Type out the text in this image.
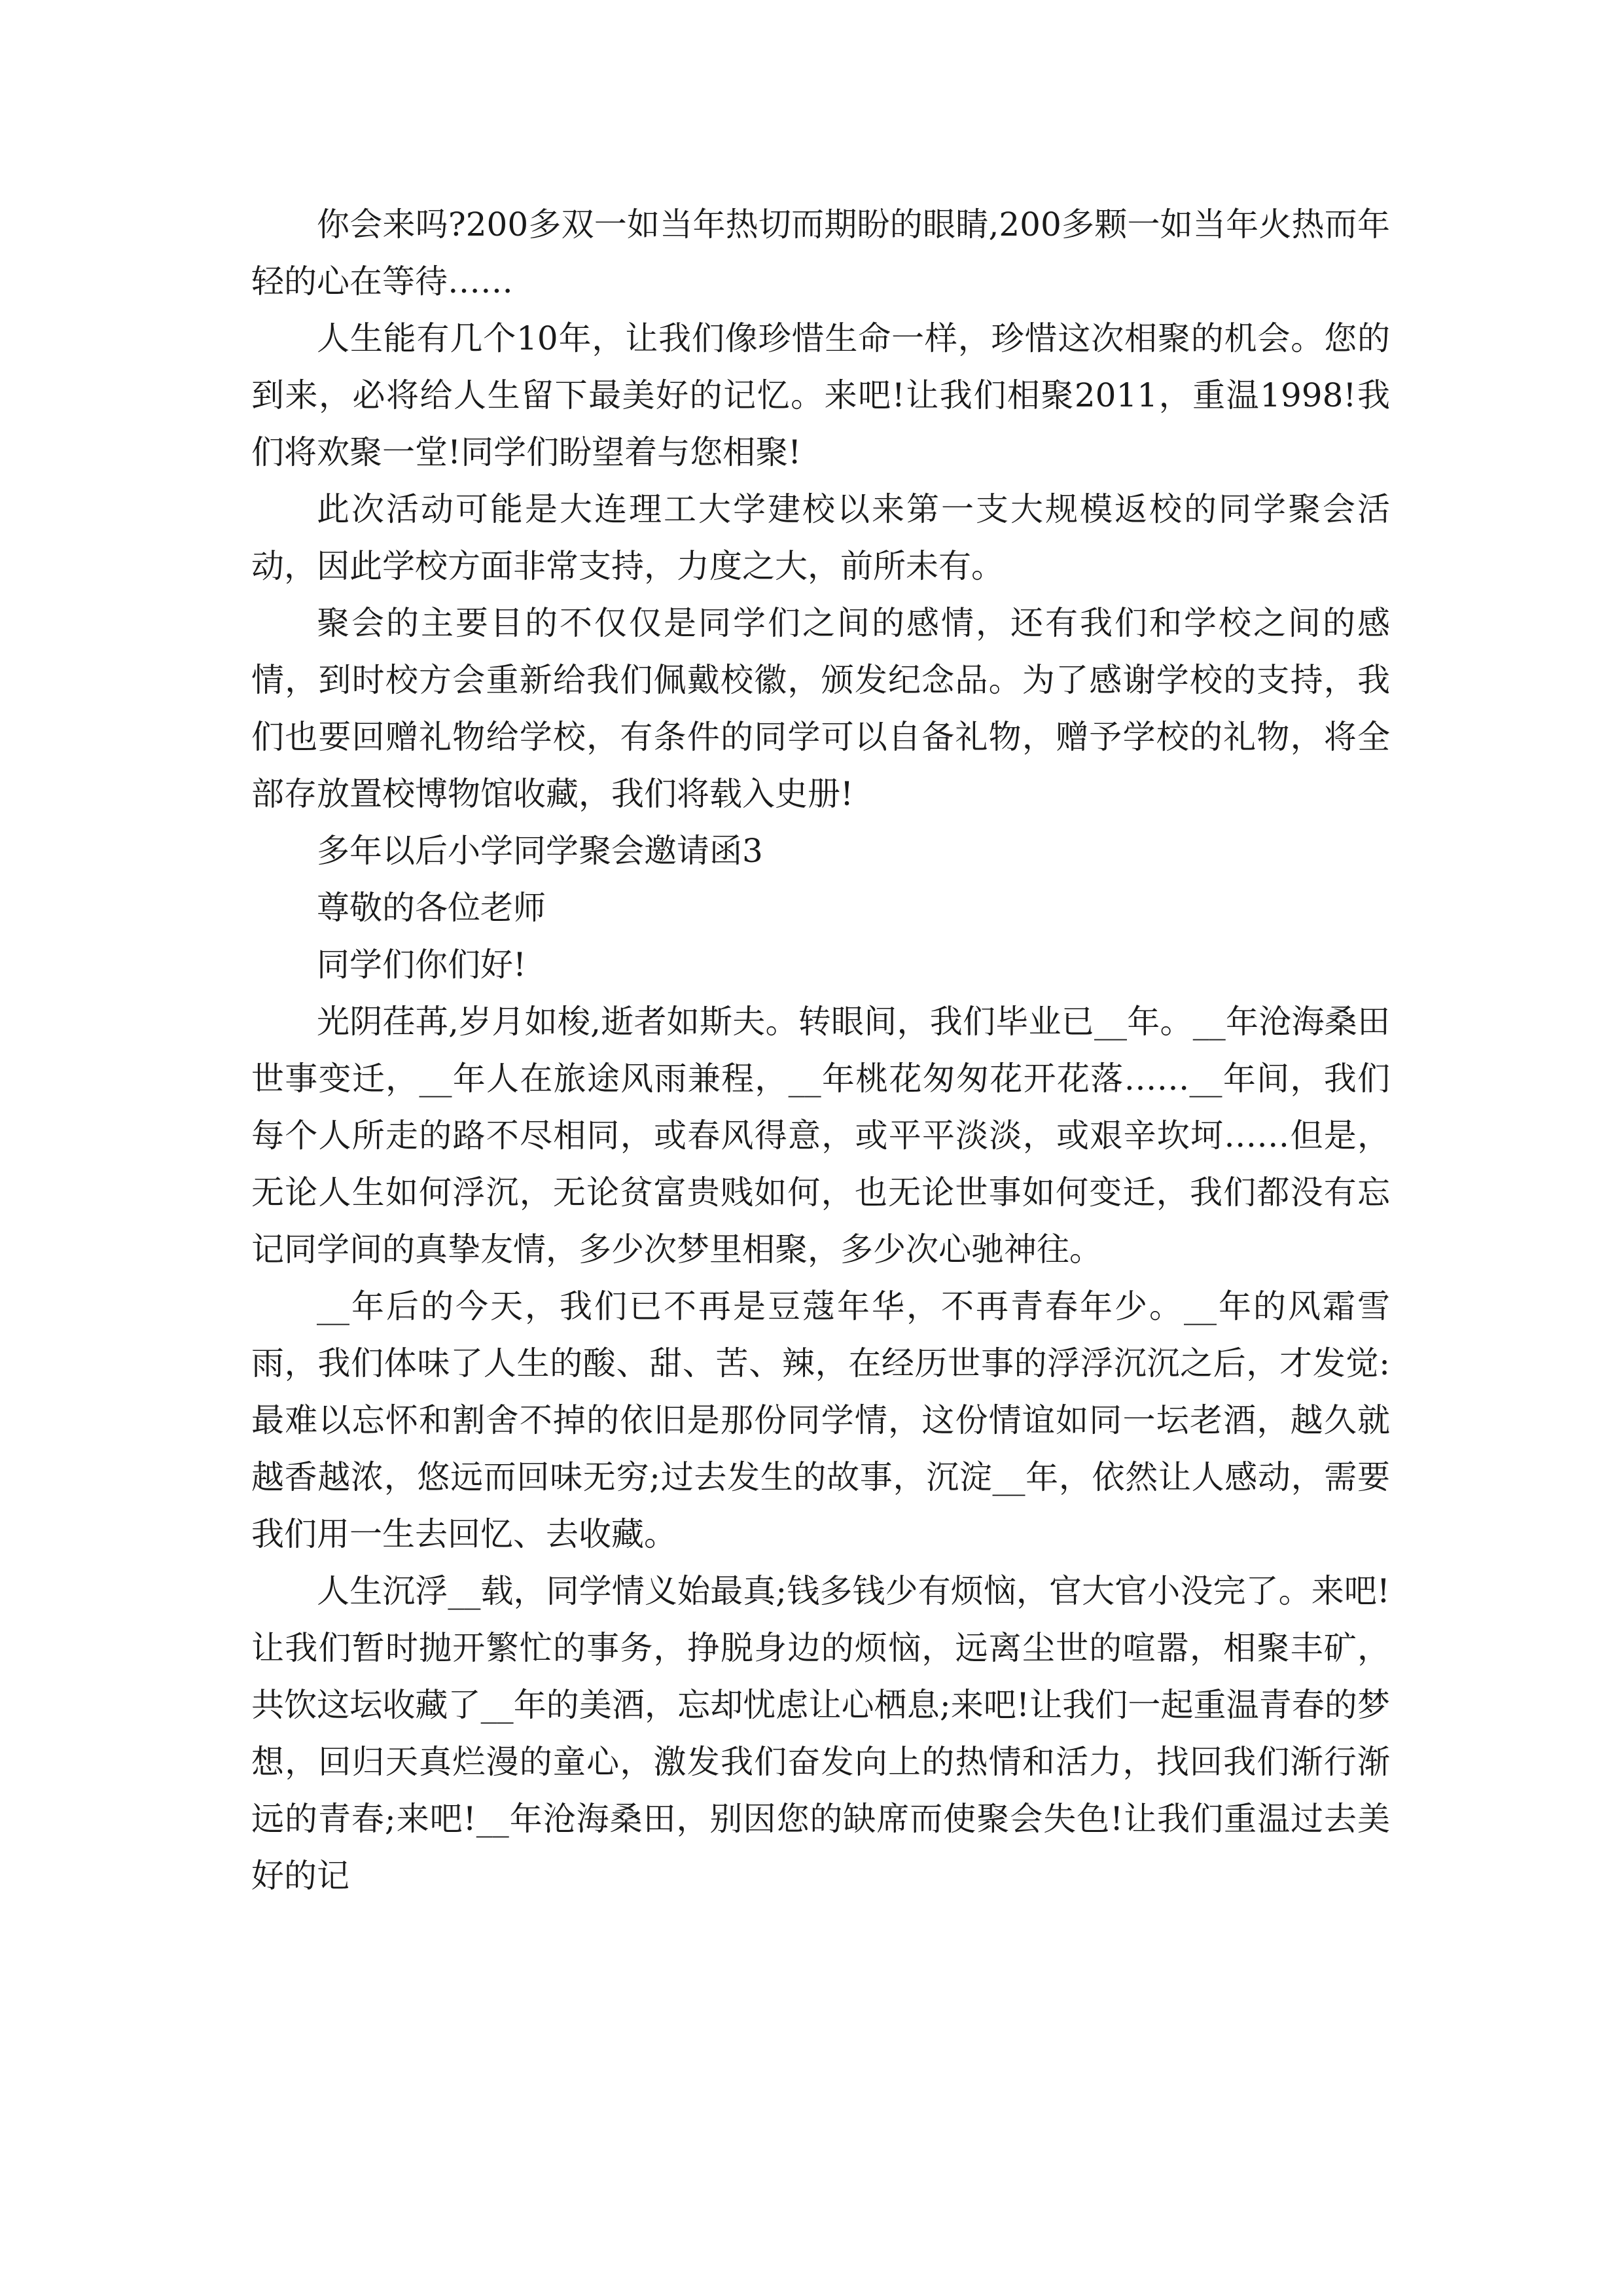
你会来吗?200多双一如当年热切而期盼的眼睛,200多颗一如当年火热而年轻的心在等待……

人生能有几个10年，让我们像珍惜生命一样，珍惜这次相聚的机会。您的到来，必将给人生留下最美好的记忆。来吧!让我们相聚2011，重温1998!我们将欢聚一堂!同学们盼望着与您相聚!

此次活动可能是大连理工大学建校以来第一支大规模返校的同学聚会活动，因此学校方面非常支持，力度之大，前所未有。

聚会的主要目的不仅仅是同学们之间的感情，还有我们和学校之间的感情，到时校方会重新给我们佩戴校徽，颁发纪念品。为了感谢学校的支持，我们也要回赠礼物给学校，有条件的同学可以自备礼物，赠予学校的礼物，将全部存放置校博物馆收藏，我们将载入史册!

多年以后小学同学聚会邀请函3

尊敬的各位老师

同学们你们好!

光阴荏苒,岁月如梭,逝者如斯夫。转眼间，我们毕业已__年。__年沧海桑田世事变迁，__年人在旅途风雨兼程，__年桃花匆匆花开花落……__年间，我们每个人所走的路不尽相同，或春风得意，或平平淡淡，或艰辛坎坷……但是，无论人生如何浮沉，无论贫富贵贱如何，也无论世事如何变迁，我们都没有忘记同学间的真挚友情，多少次梦里相聚，多少次心驰神往。

__年后的今天，我们已不再是豆蔻年华，不再青春年少。__年的风霜雪雨，我们体味了人生的酸、甜、苦、辣，在经历世事的浮浮沉沉之后，才发觉:最难以忘怀和割舍不掉的依旧是那份同学情，这份情谊如同一坛老酒，越久就越香越浓，悠远而回味无穷;过去发生的故事，沉淀__年，依然让人感动，需要我们用一生去回忆、去收藏。

人生沉浮__载，同学情义始最真;钱多钱少有烦恼，官大官小没完了。来吧!让我们暂时抛开繁忙的事务，挣脱身边的烦恼，远离尘世的喧嚣，相聚丰矿，共饮这坛收藏了__年的美酒，忘却忧虑让心栖息;来吧!让我们一起重温青春的梦想，回归天真烂漫的童心，激发我们奋发向上的热情和活力，找回我们渐行渐远的青春;来吧!__年沧海桑田，别因您的缺席而使聚会失色!让我们重温过去美好的记
